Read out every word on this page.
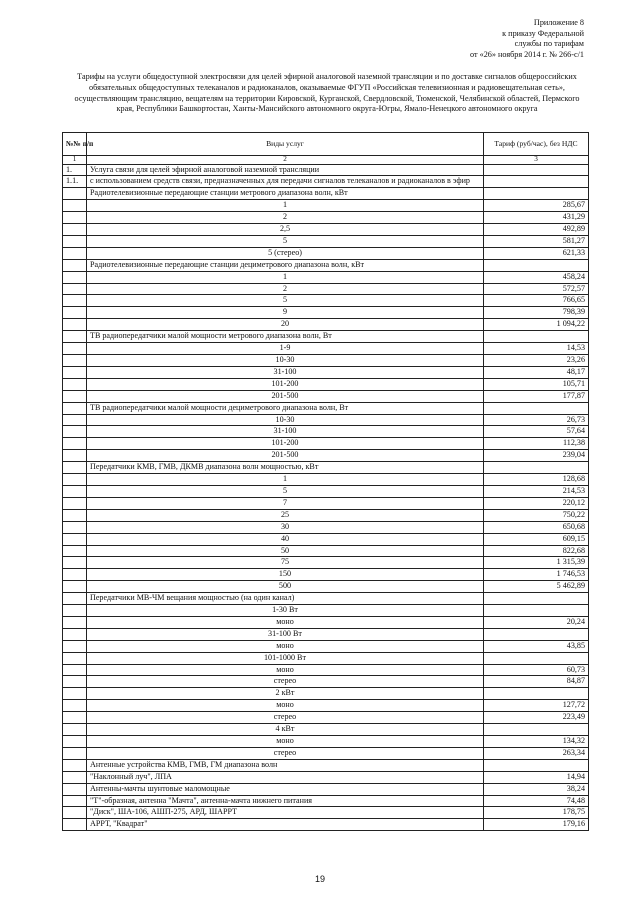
Приложение 8
к приказу Федеральной
службы по тарифам
от «26» ноября 2014 г. № 266-с/1
Тарифы на услуги общедоступной электросвязи для целей эфирной аналоговой наземной трансляции и по доставке сигналов общероссийских обязательных общедоступных телеканалов и радиоканалов, оказываемые ФГУП «Российская телевизионная и радиовещательная сеть», осуществляющим трансляцию, вещателям на территории Кировской, Курганской, Свердловской, Тюменской, Челябинской областей, Пермского края, Республики Башкортостан, Ханты-Мансийского автономного округа-Югры, Ямало-Ненецкого автономного округа
№№ п/п	Виды услуг	Тариф (руб/час), без НДС
1	2	3
1.	Услуга связи для целей эфирной аналоговой наземной трансляции	
1.1.	с использованием средств связи, предназначенных для передачи сигналов телеканалов и радиоканалов в эфир	
	Радиотелевизионные передающие станции метрового диапазона волн, кВт	
	1	285,67
	2	431,29
	2,5	492,89
	5	581,27
	5 (стерео)	621,33
	Радиотелевизионные передающие станции дециметрового диапазона волн, кВт	
	1	458,24
	2	572,57
	5	766,65
	9	798,39
	20	1 094,22
	ТВ радиопередатчики малой мощности метрового диапазона волн, Вт	
	1-9	14,53
	10-30	23,26
	31-100	48,17
	101-200	105,71
	201-500	177,87
	ТВ радиопередатчики малой мощности дециметрового диапазона волн, Вт	
	10-30	26,73
	31-100	57,64
	101-200	112,38
	201-500	239,04
	Передатчики КМВ, ГМВ, ДКМВ диапазона волн мощностью, кВт	
	1	128,68
	5	214,53
	7	220,12
	25	750,22
	30	650,68
	40	609,15
	50	822,68
	75	1 315,39
	150	1 746,53
	500	5 462,89
	Передатчики МВ-ЧМ вещания мощностью (на один канал)	
	1-30 Вт	
	моно	20,24
	31-100 Вт	
	моно	43,85
	101-1000 Вт	
	моно	60,73
	стерео	84,87
	2 кВт	
	моно	127,72
	стерео	223,49
	4 кВт	
	моно	134,32
	стерео	263,34
	Антенные устройства КМВ, ГМВ, ГМ диапазона волн	
	"Наклонный луч", ЛПА	14,94
	Антенны-мачты шунтовые маломощные	38,24
	"Т"-образная, антенна "Мачта", антенна-мачта нижнего питания	74,48
	"Диск", ША-106, АШП-275, АРД, ШАРРТ	178,75
	АРРТ, "Квадрат"	179,16
19
